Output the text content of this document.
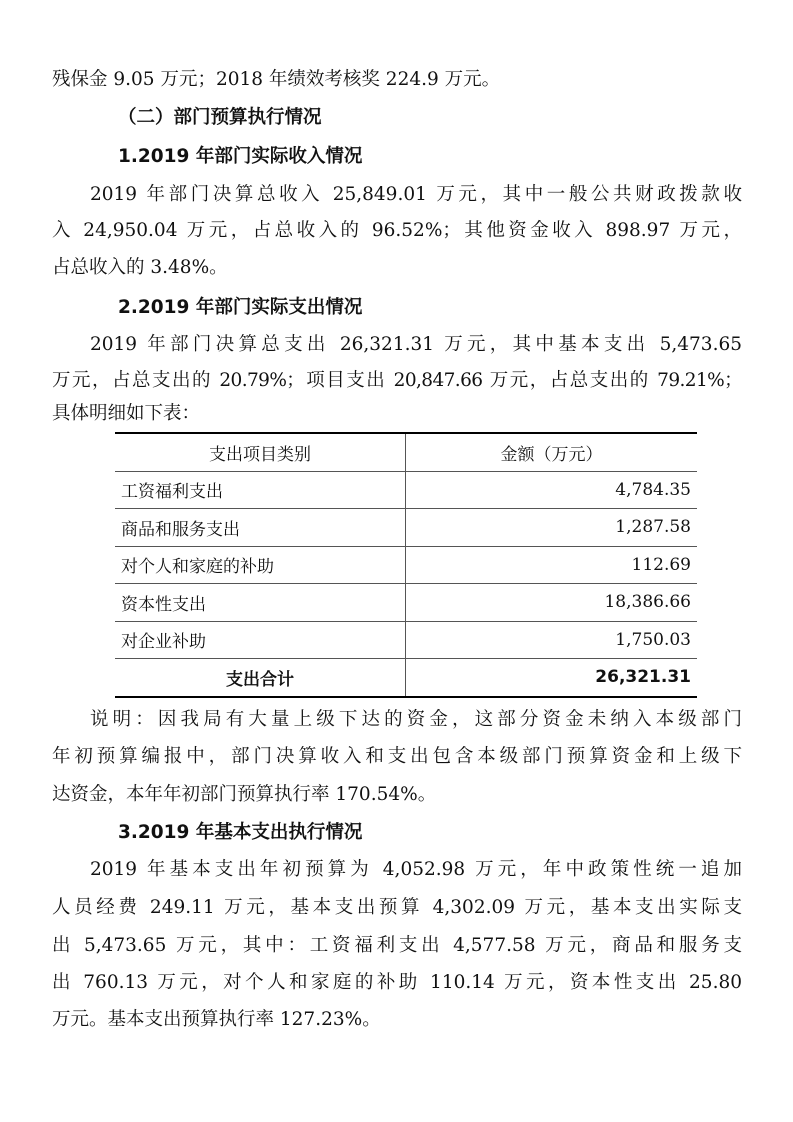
残保金 9.05 万元；2018 年绩效考核奖 224.9 万元。
（二）部门预算执行情况
1.2019 年部门实际收入情况
2019 年部门决算总收入 25,849.01 万元，其中一般公共财政拨款收
入 24,950.04 万元，占总收入的 96.52%；其他资金收入 898.97 万元，
占总收入的 3.48%。
2.2019 年部门实际支出情况
2019 年部门决算总支出 26,321.31 万元，其中基本支出 5,473.65
万元，占总支出的 20.79%；项目支出 20,847.66 万元，占总支出的 79.21%；
具体明细如下表：
支出项目类别	金额（万元）
工资福利支出	4,784.35
商品和服务支出	1,287.58
对个人和家庭的补助	112.69
资本性支出	18,386.66
对企业补助	1,750.03
支出合计	26,321.31
说明：因我局有大量上级下达的资金，这部分资金未纳入本级部门
年初预算编报中，部门决算收入和支出包含本级部门预算资金和上级下
达资金，本年年初部门预算执行率 170.54%。
3.2019 年基本支出执行情况
2019 年基本支出年初预算为 4,052.98 万元，年中政策性统一追加
人员经费 249.11 万元，基本支出预算 4,302.09 万元，基本支出实际支
出 5,473.65 万元，其中：工资福利支出 4,577.58 万元，商品和服务支
出 760.13 万元，对个人和家庭的补助 110.14 万元，资本性支出 25.80
万元。基本支出预算执行率 127.23%。
